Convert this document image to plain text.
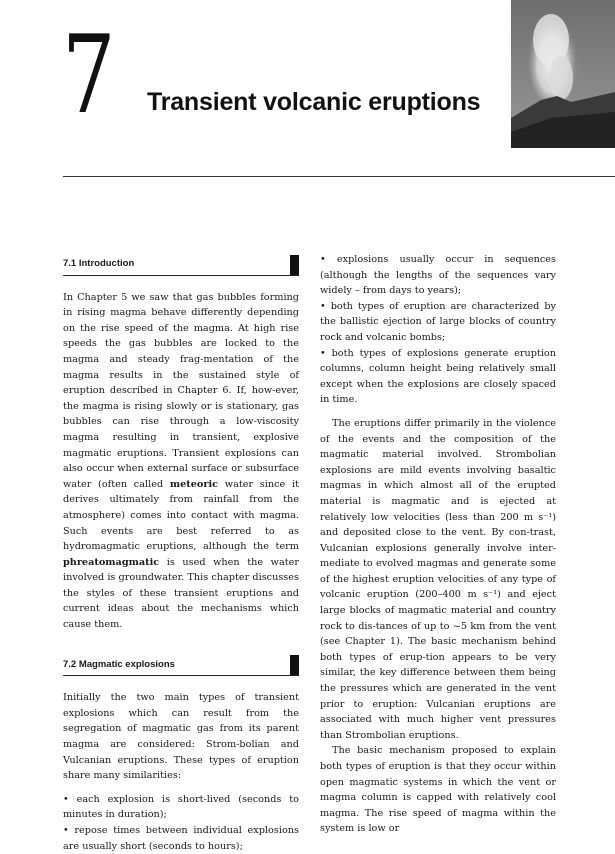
7 Transient volcanic eruptions
7.1 Introduction

In Chapter 5 we saw that gas bubbles forming in rising magma behave differently depending on the rise speed of the magma. At high rise speeds the gas bubbles are locked to the magma and steady frag-mentation of the magma results in the sustained style of eruption described in Chapter 6. If, how-ever, the magma is rising slowly or is stationary, gas bubbles can rise through a low-viscosity magma resulting in transient, explosive magmatic eruptions. Transient explosions can also occur when external surface or subsurface water (often called meteoric water since it derives ultimately from rainfall from the atmosphere) comes into contact with magma. Such events are best referred to as hydromagmatic eruptions, although the term phreatomagmatic is used when the water involved is groundwater. This chapter discusses the styles of these transient eruptions and current ideas about the mechanisms which cause them.

7.2 Magmatic explosions

Initially the two main types of transient explosions which can result from the segregation of magmatic gas from its parent magma are considered: Strom-bolian and Vulcanian eruptions. These types of eruption share many similarities:

• each explosion is short-lived (seconds to minutes in duration);

• repose times between individual explosions are usually short (seconds to hours);

• explosions usually occur in sequences (although the lengths of the sequences vary widely – from days to years);

• both types of eruption are characterized by the ballistic ejection of large blocks of country rock and volcanic bombs;

• both types of explosions generate eruption columns, column height being relatively small except when the explosions are closely spaced in time.

The eruptions differ primarily in the violence of the events and the composition of the magmatic material involved. Strombolian explosions are mild events involving basaltic magmas in which almost all of the erupted material is magmatic and is ejected at relatively low velocities (less than 200 m s⁻¹) and deposited close to the vent. By con-trast, Vulcanian explosions generally involve inter-mediate to evolved magmas and generate some of the highest eruption velocities of any type of volcanic eruption (200–400 m s⁻¹) and eject large blocks of magmatic material and country rock to dis-tances of up to ~5 km from the vent (see Chapter 1). The basic mechanism behind both types of erup-tion appears to be very similar, the key difference between them being the pressures which are generated in the vent prior to eruption: Vulcanian eruptions are associated with much higher vent pressures than Strombolian eruptions.

The basic mechanism proposed to explain both types of eruption is that they occur within open magmatic systems in which the vent or magma column is capped with relatively cool magma. The rise speed of magma within the system is low or
